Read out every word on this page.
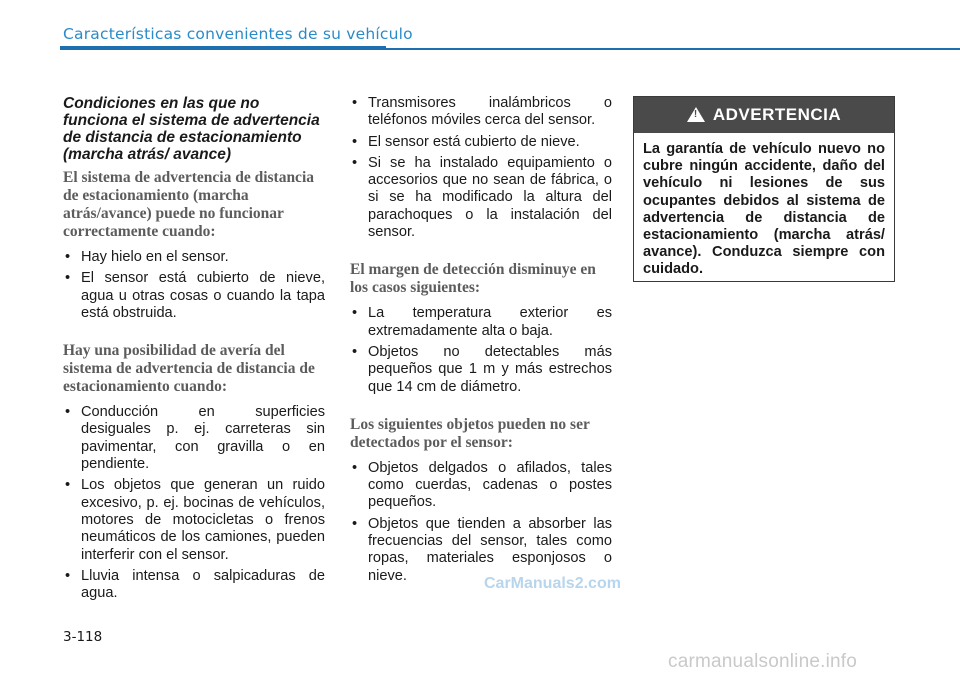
Características convenientes de su vehículo
Condiciones en las que no funciona el sistema de advertencia de distancia de estacionamiento (marcha atrás/ avance)
El sistema de advertencia de distancia de estacionamiento (marcha atrás/avance) puede no funcionar correctamente cuando:
• Hay hielo en el sensor.
• El sensor está cubierto de nieve, agua u otras cosas o cuando la tapa está obstruida.
Hay una posibilidad de avería del sistema de advertencia de distancia de estacionamiento cuando:
• Conducción en superficies desiguales p. ej. carreteras sin pavimentar, con gravilla o en pendiente.
• Los objetos que generan un ruido excesivo, p. ej. bocinas de vehículos, motores de motocicletas o frenos neumáticos de los camiones, pueden interferir con el sensor.
• Lluvia intensa o salpicaduras de agua.
• Transmisores inalámbricos o teléfonos móviles cerca del sensor.
• El sensor está cubierto de nieve.
• Si se ha instalado equipamiento o accesorios que no sean de fábrica, o si se ha modificado la altura del parachoques o la instalación del sensor.
El margen de detección disminuye en los casos siguientes:
• La temperatura exterior es extremadamente alta o baja.
• Objetos no detectables más pequeños que 1 m y más estrechos que 14 cm de diámetro.
Los siguientes objetos pueden no ser detectados por el sensor:
• Objetos delgados o afilados, tales como cuerdas, cadenas o postes pequeños.
• Objetos que tienden a absorber las frecuencias del sensor, tales como ropas, materiales esponjosos o nieve.
! ADVERTENCIA
La garantía de vehículo nuevo no cubre ningún accidente, daño del vehículo ni lesiones de sus ocupantes debidos al sistema de advertencia de distancia de estacionamiento (marcha atrás/ avance). Conduzca siempre con cuidado.
3-118
CarManuals2.com
carmanualsonline.info
